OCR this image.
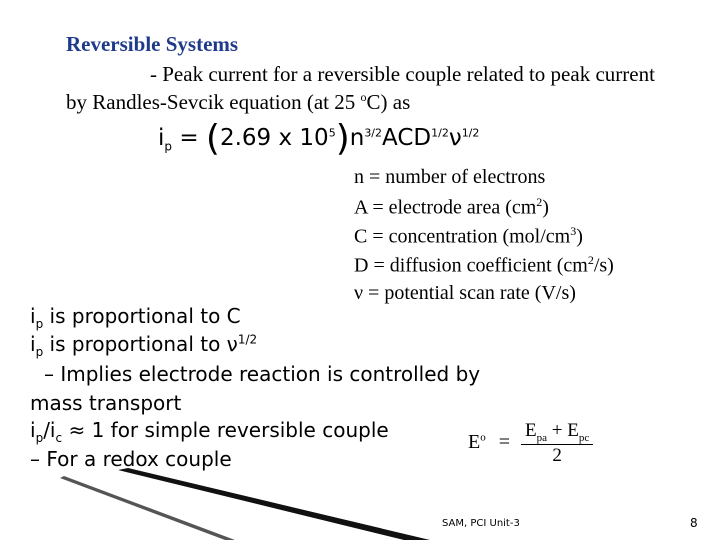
Reversible Systems
- Peak current for a reversible couple related to peak current
by Randles-Sevcik equation (at 25 $^o$C) as
$i_p = (2.69$ x $10^5)n^{3/2}ACD^{1/2}\nu^{1/2}$
n = number of electrons
A = electrode area $(cm^2)$
C = concentration $(mol/cm^3)$
D = diffusion coefficient $(cm^2/s)$
ν = potential scan rate (V/s)
$i_p$ is proportional to C
$i_p$ is proportional to $\nu^{1/2}$
– Implies electrode reaction is controlled by
mass transport
$i_p/i_c \approx 1$ for simple reversible couple
– For a redox couple
$E^o = \frac{E_{pa} + E_{pc}}{2}$
SAM, PCI Unit-3	8
